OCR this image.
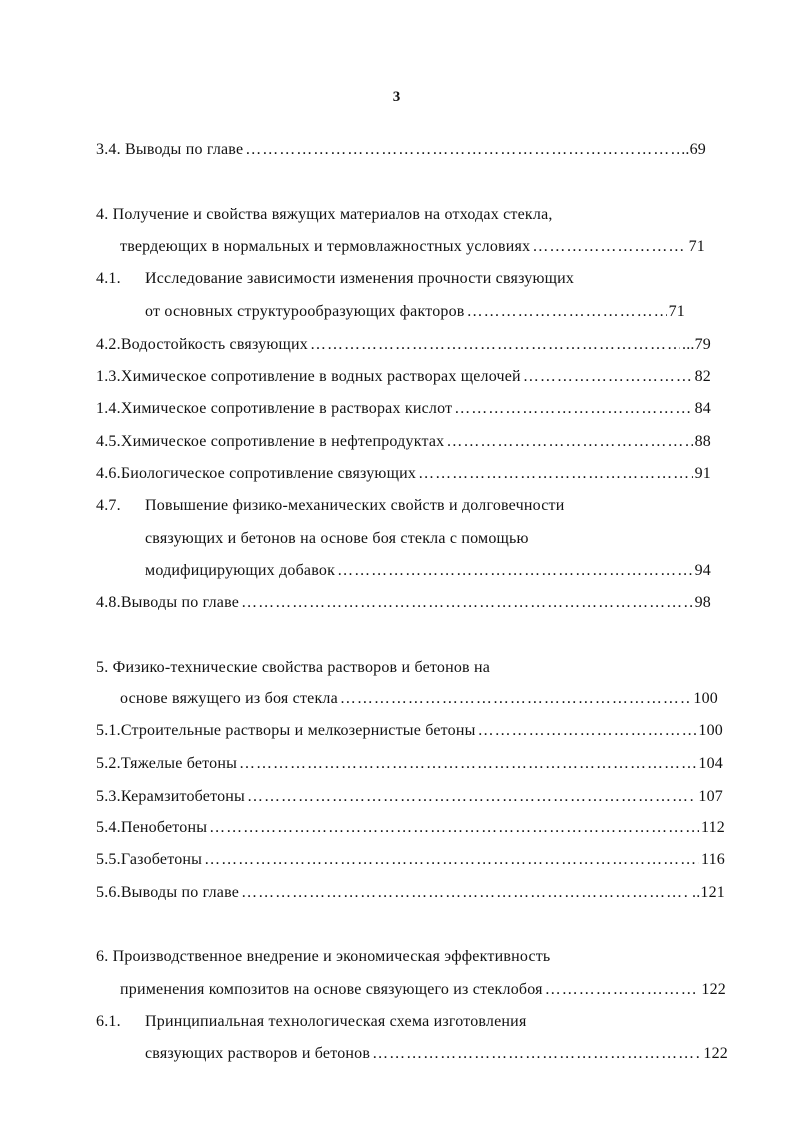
3
3.4.
Выводы по главе ……………………………………………………………………………………………………………………………………………………………………………………………………	..69
4. Получение и свойства вяжущих материалов на отходах стекла,
твердеющих в нормальных и термовлажностных условиях ……………………………………………………………………………………………………………………………………………………………………………………………………	71
4.1. Исследование зависимости изменения прочности связующих
от основных структурообразующих факторов ……………………………………………………………………………………………………………………………………………………………………………………………………	71
4.2. Водостойкость связующих ……………………………………………………………………………………………………………………………………………………………………………………………………	...79
1.3. Химическое сопротивление в водных растворах щелочей ……………………………………………………………………………………………………………………………………………………………………………………………………	82
1.4. Химическое сопротивление в растворах кислот ……………………………………………………………………………………………………………………………………………………………………………………………………	84
4.5. Химическое сопротивление в нефтепродуктах ……………………………………………………………………………………………………………………………………………………………………………………………………	88
4.6. Биологическое сопротивление связующих ……………………………………………………………………………………………………………………………………………………………………………………………………	91
4.7. Повышение физико-механических свойств и долговечности
связующих и бетонов на основе боя стекла с помощью
модифицирующих добавок ……………………………………………………………………………………………………………………………………………………………………………………………………	94
4.8. Выводы по главе ……………………………………………………………………………………………………………………………………………………………………………………………………	98
5. Физико-технические свойства растворов и бетонов на
основе вяжущего из боя стекла ……………………………………………………………………………………………………………………………………………………………………………………………………	100
5.1. Строительные растворы и мелкозернистые бетоны ……………………………………………………………………………………………………………………………………………………………………………………………………	100
5.2. Тяжелые бетоны ……………………………………………………………………………………………………………………………………………………………………………………………………	104
5.3. Керамзитобетоны ……………………………………………………………………………………………………………………………………………………………………………………………………	107
5.4. Пенобетоны ……………………………………………………………………………………………………………………………………………………………………………………………………	112
5.5. Газобетоны ……………………………………………………………………………………………………………………………………………………………………………………………………	116
5.6. Выводы по главе ……………………………………………………………………………………………………………………………………………………………………………………………………	..121
6. Производственное внедрение и экономическая эффективность
применения композитов на основе связующего из стеклобоя ……………………………………………………………………………………………………………………………………………………………………………………………………	122
6.1. Принципиальная технологическая схема изготовления
связующих растворов и бетонов ……………………………………………………………………………………………………………………………………………………………………………………………………	122
